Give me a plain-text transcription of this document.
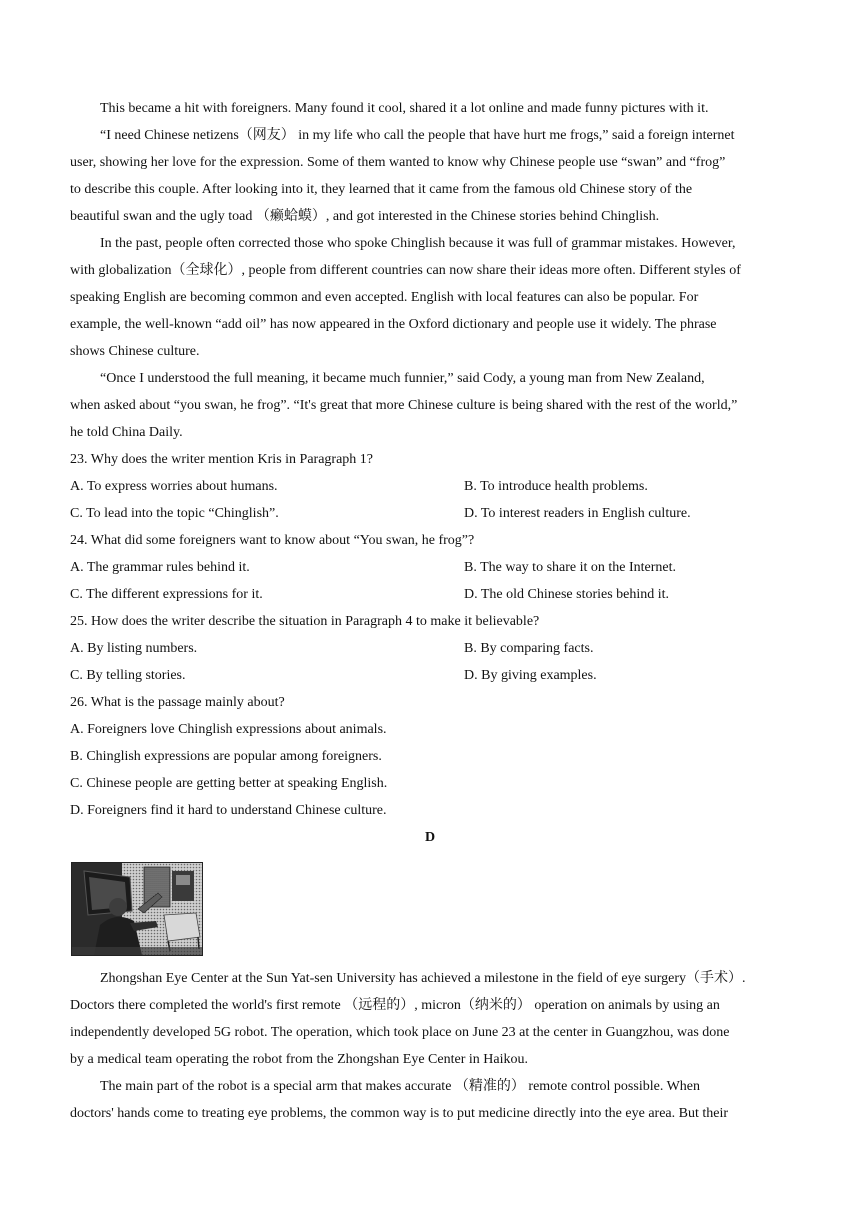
This became a hit with foreigners. Many found it cool, shared it a lot online and made funny pictures with it.

“I need Chinese netizens（网友） in my life who call the people that have hurt me frogs,” said a foreign internet
user, showing her love for the expression. Some of them wanted to know why Chinese people use “swan” and “frog”
to describe this couple. After looking into it, they learned that it came from the famous old Chinese story of the
beautiful swan and the ugly toad （癞蛤蟆）, and got interested in the Chinese stories behind Chinglish.

In the past, people often corrected those who spoke Chinglish because it was full of grammar mistakes. However,
with globalization（全球化）, people from different countries can now share their ideas more often. Different styles of
speaking English are becoming common and even accepted. English with local features can also be popular. For
example, the well-known “add oil” has now appeared in the Oxford dictionary and people use it widely. The phrase
shows Chinese culture.

“Once I understood the full meaning, it became much funnier,” said Cody, a young man from New Zealand,
when asked about “you swan, he frog”. “It's great that more Chinese culture is being shared with the rest of the world,”
he told China Daily.

23. Why does the writer mention Kris in Paragraph 1?
A. To express worries about humans.	B. To introduce health problems.
C. To lead into the topic “Chinglish”.	D. To interest readers in English culture.
24. What did some foreigners want to know about “You swan, he frog”?
A. The grammar rules behind it.	B. The way to share it on the Internet.
C. The different expressions for it.	D. The old Chinese stories behind it.
25. How does the writer describe the situation in Paragraph 4 to make it believable?
A. By listing numbers.	B. By comparing facts.
C. By telling stories.	D. By giving examples.
26. What is the passage mainly about?
A. Foreigners love Chinglish expressions about animals.
B. Chinglish expressions are popular among foreigners.
C. Chinese people are getting better at speaking English.
D. Foreigners find it hard to understand Chinese culture.
D

Zhongshan Eye Center at the Sun Yat-sen University has achieved a milestone in the field of eye surgery（手术）.
Doctors there completed the world's first remote （远程的）, micron（纳米的） operation on animals by using an
independently developed 5G robot. The operation, which took place on June 23 at the center in Guangzhou, was done
by a medical team operating the robot from the Zhongshan Eye Center in Haikou.

The main part of the robot is a special arm that makes accurate （精准的） remote control possible. When
doctors' hands come to treating eye problems, the common way is to put medicine directly into the eye area. But their
